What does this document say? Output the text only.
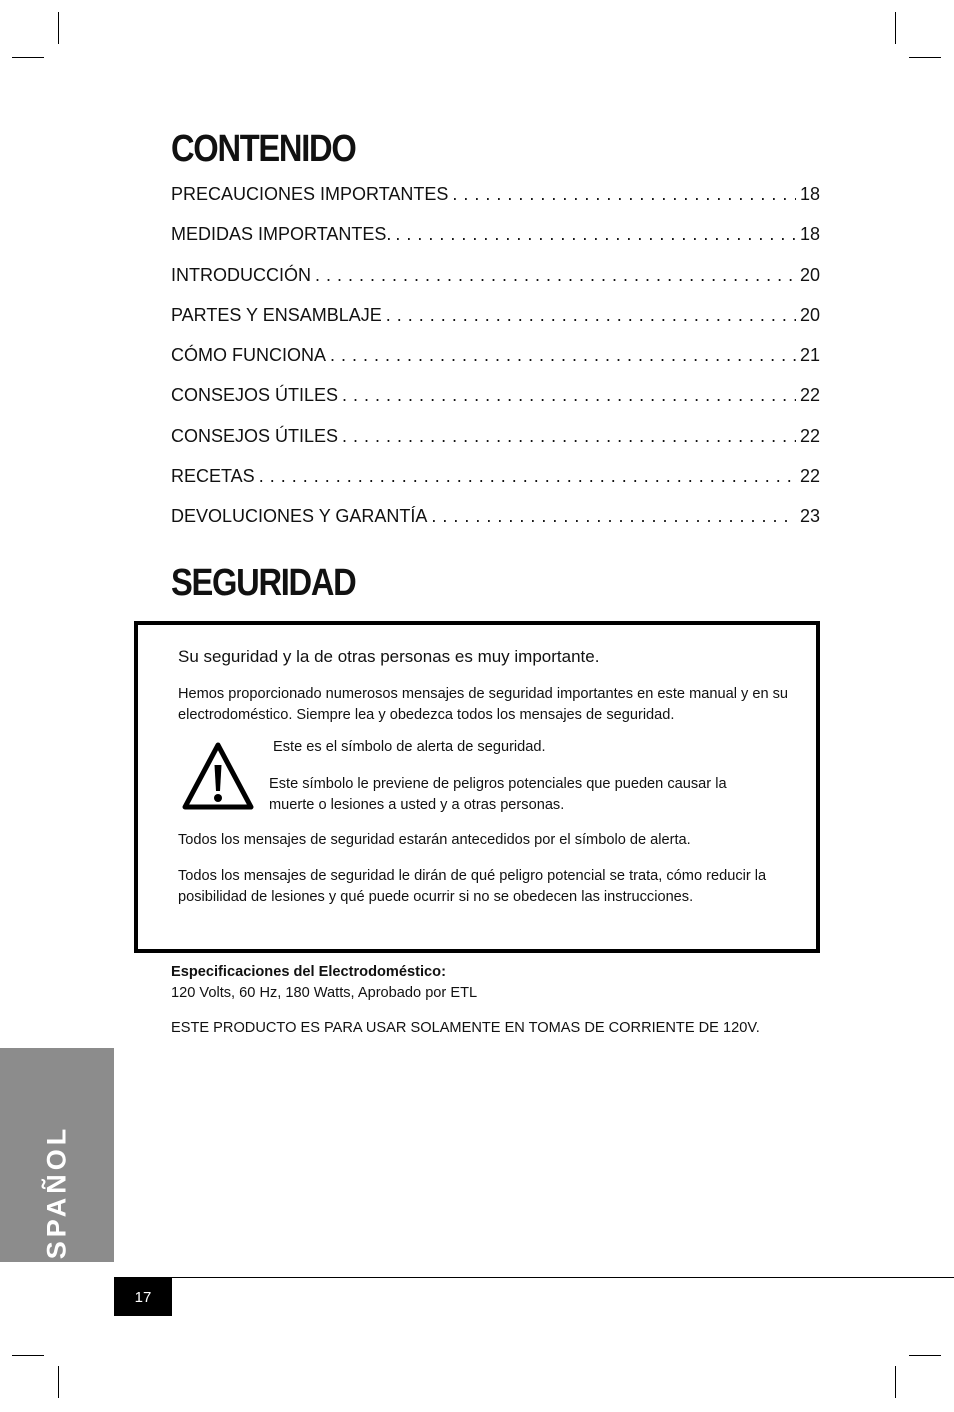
CONTENIDO
PRECAUCIONES IMPORTANTES . . .	18
MEDIDAS IMPORTANTES. . . .	18
INTRODUCCIÓN . . .	20
PARTES Y ENSAMBLAJE . . .	20
CÓMO FUNCIONA . . .	21
CONSEJOS ÚTILES . . .	22
CONSEJOS ÚTILES . . .	22
RECETAS . . .	22
DEVOLUCIONES Y GARANTÍA . . .	23
SEGURIDAD
Su seguridad y la de otras personas es muy importante.
Hemos proporcionado numerosos mensajes de seguridad importantes en este manual y en su electrodoméstico. Siempre lea y obedezca todos los mensajes de seguridad.
Este es el símbolo de alerta de seguridad.
Este símbolo le previene de peligros potenciales que pueden causar la muerte o lesiones a usted y a otras personas.
Todos los mensajes de seguridad estarán antecedidos por el símbolo de alerta.
Todos los mensajes de seguridad le dirán de qué peligro potencial se trata, cómo reducir la posibilidad de lesiones y qué puede ocurrir si no se obedecen las instrucciones.
Especificaciones del Electrodoméstico:
120 Volts, 60 Hz, 180 Watts, Aprobado por ETL
ESTE PRODUCTO ES PARA USAR SOLAMENTE EN TOMAS DE CORRIENTE DE 120V.
ESPAÑOL
17
